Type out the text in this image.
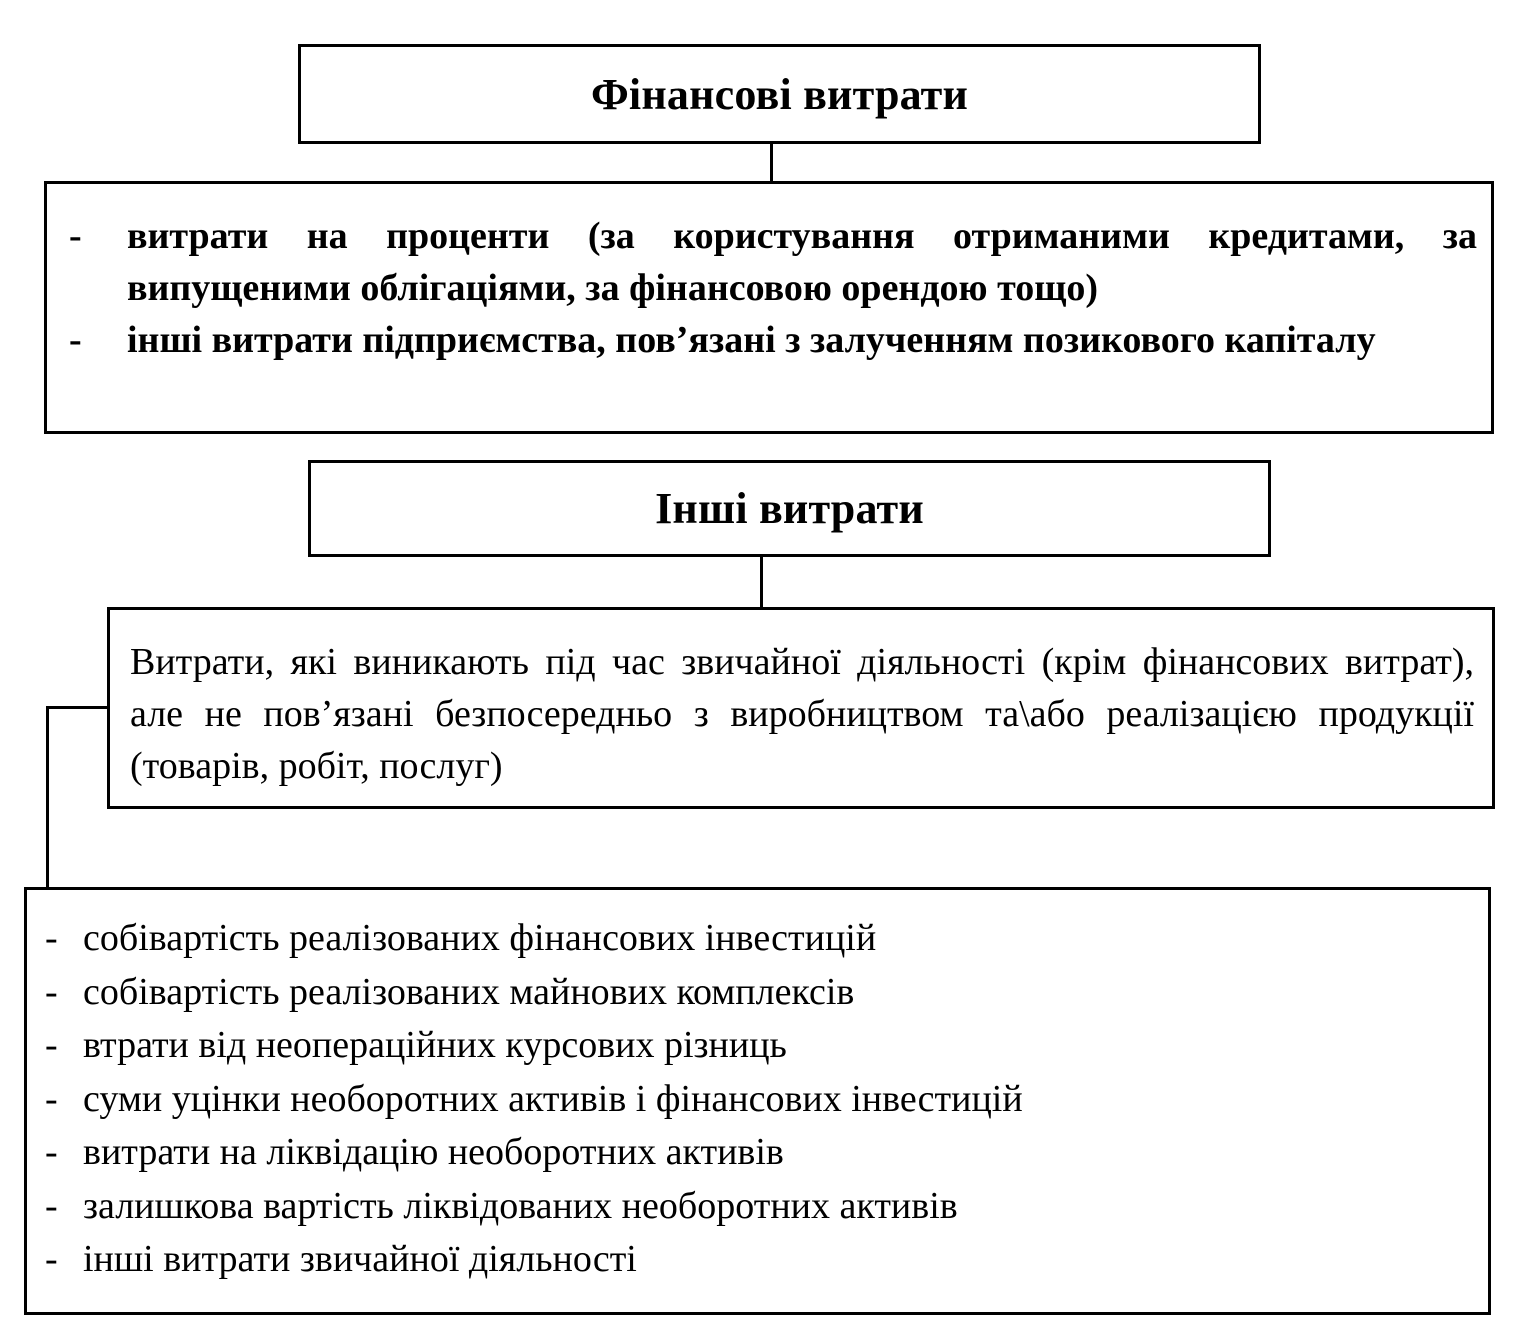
Фінансові витрати
- витрати на проценти (за користування отриманими кредитами, за випущеними облігаціями, за фінансовою орендою тощо)
- інші витрати підприємства, пов’язані з залученням позикового капіталу
Інші витрати
Витрати, які виникають під час звичайної діяльності (крім фінансових витрат), але не пов’язані безпосередньо з виробництвом та\або реалізацією продукції (товарів, робіт, послуг)
- собівартість реалізованих фінансових інвестицій
- собівартість реалізованих майнових комплексів
- втрати від неопераційних курсових різниць
- суми уцінки необоротних активів і фінансових інвестицій
- витрати на ліквідацію необоротних активів
- залишкова вартість ліквідованих необоротних активів
- інші витрати звичайної діяльності
